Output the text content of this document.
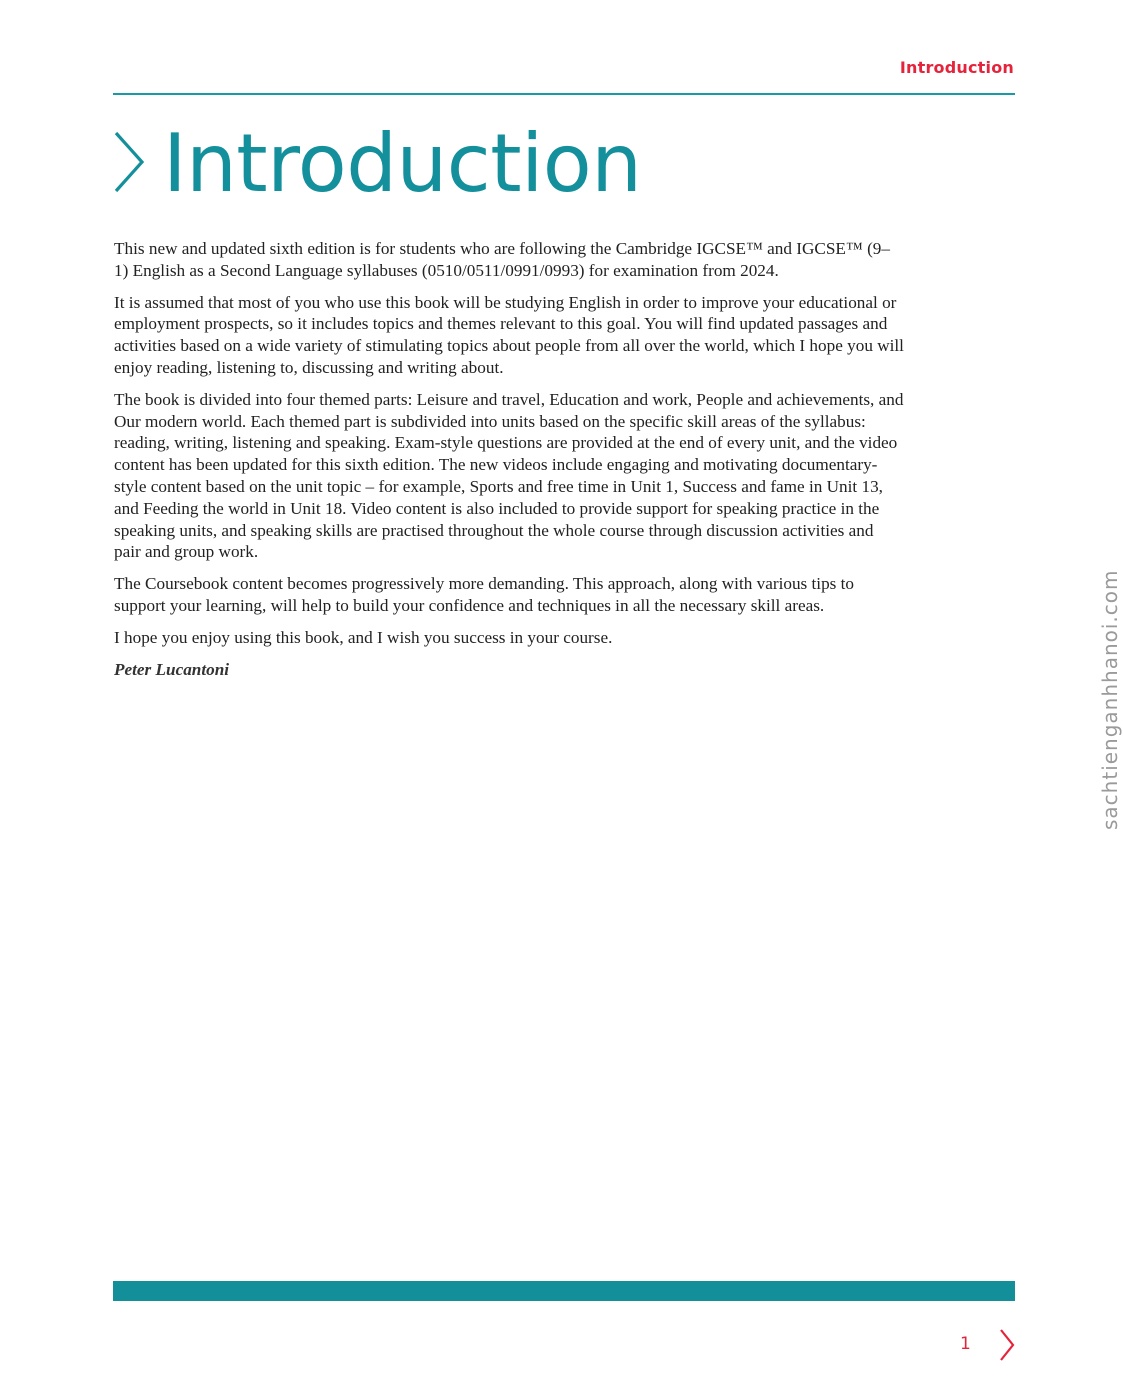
Introduction
Introduction

This new and updated sixth edition is for students who are following the Cambridge IGCSE™ and IGCSE™ (9–1) English as a Second Language syllabuses (0510/0511/0991/0993) for examination from 2024.

It is assumed that most of you who use this book will be studying English in order to improve your educational or employment prospects, so it includes topics and themes relevant to this goal. You will find updated passages and activities based on a wide variety of stimulating topics about people from all over the world, which I hope you will enjoy reading, listening to, discussing and writing about.

The book is divided into four themed parts: Leisure and travel, Education and work, People and achievements, and Our modern world. Each themed part is subdivided into units based on the specific skill areas of the syllabus: reading, writing, listening and speaking. Exam-style questions are provided at the end of every unit, and the video content has been updated for this sixth edition. The new videos include engaging and motivating documentary-style content based on the unit topic – for example, Sports and free time in Unit 1, Success and fame in Unit 13, and Feeding the world in Unit 18. Video content is also included to provide support for speaking practice in the speaking units, and speaking skills are practised throughout the whole course through discussion activities and pair and group work.

The Coursebook content becomes progressively more demanding. This approach, along with various tips to support your learning, will help to build your confidence and techniques in all the necessary skill areas.

I hope you enjoy using this book, and I wish you success in your course.

Peter Lucantoni	sachtienganhhanoi.com
1
